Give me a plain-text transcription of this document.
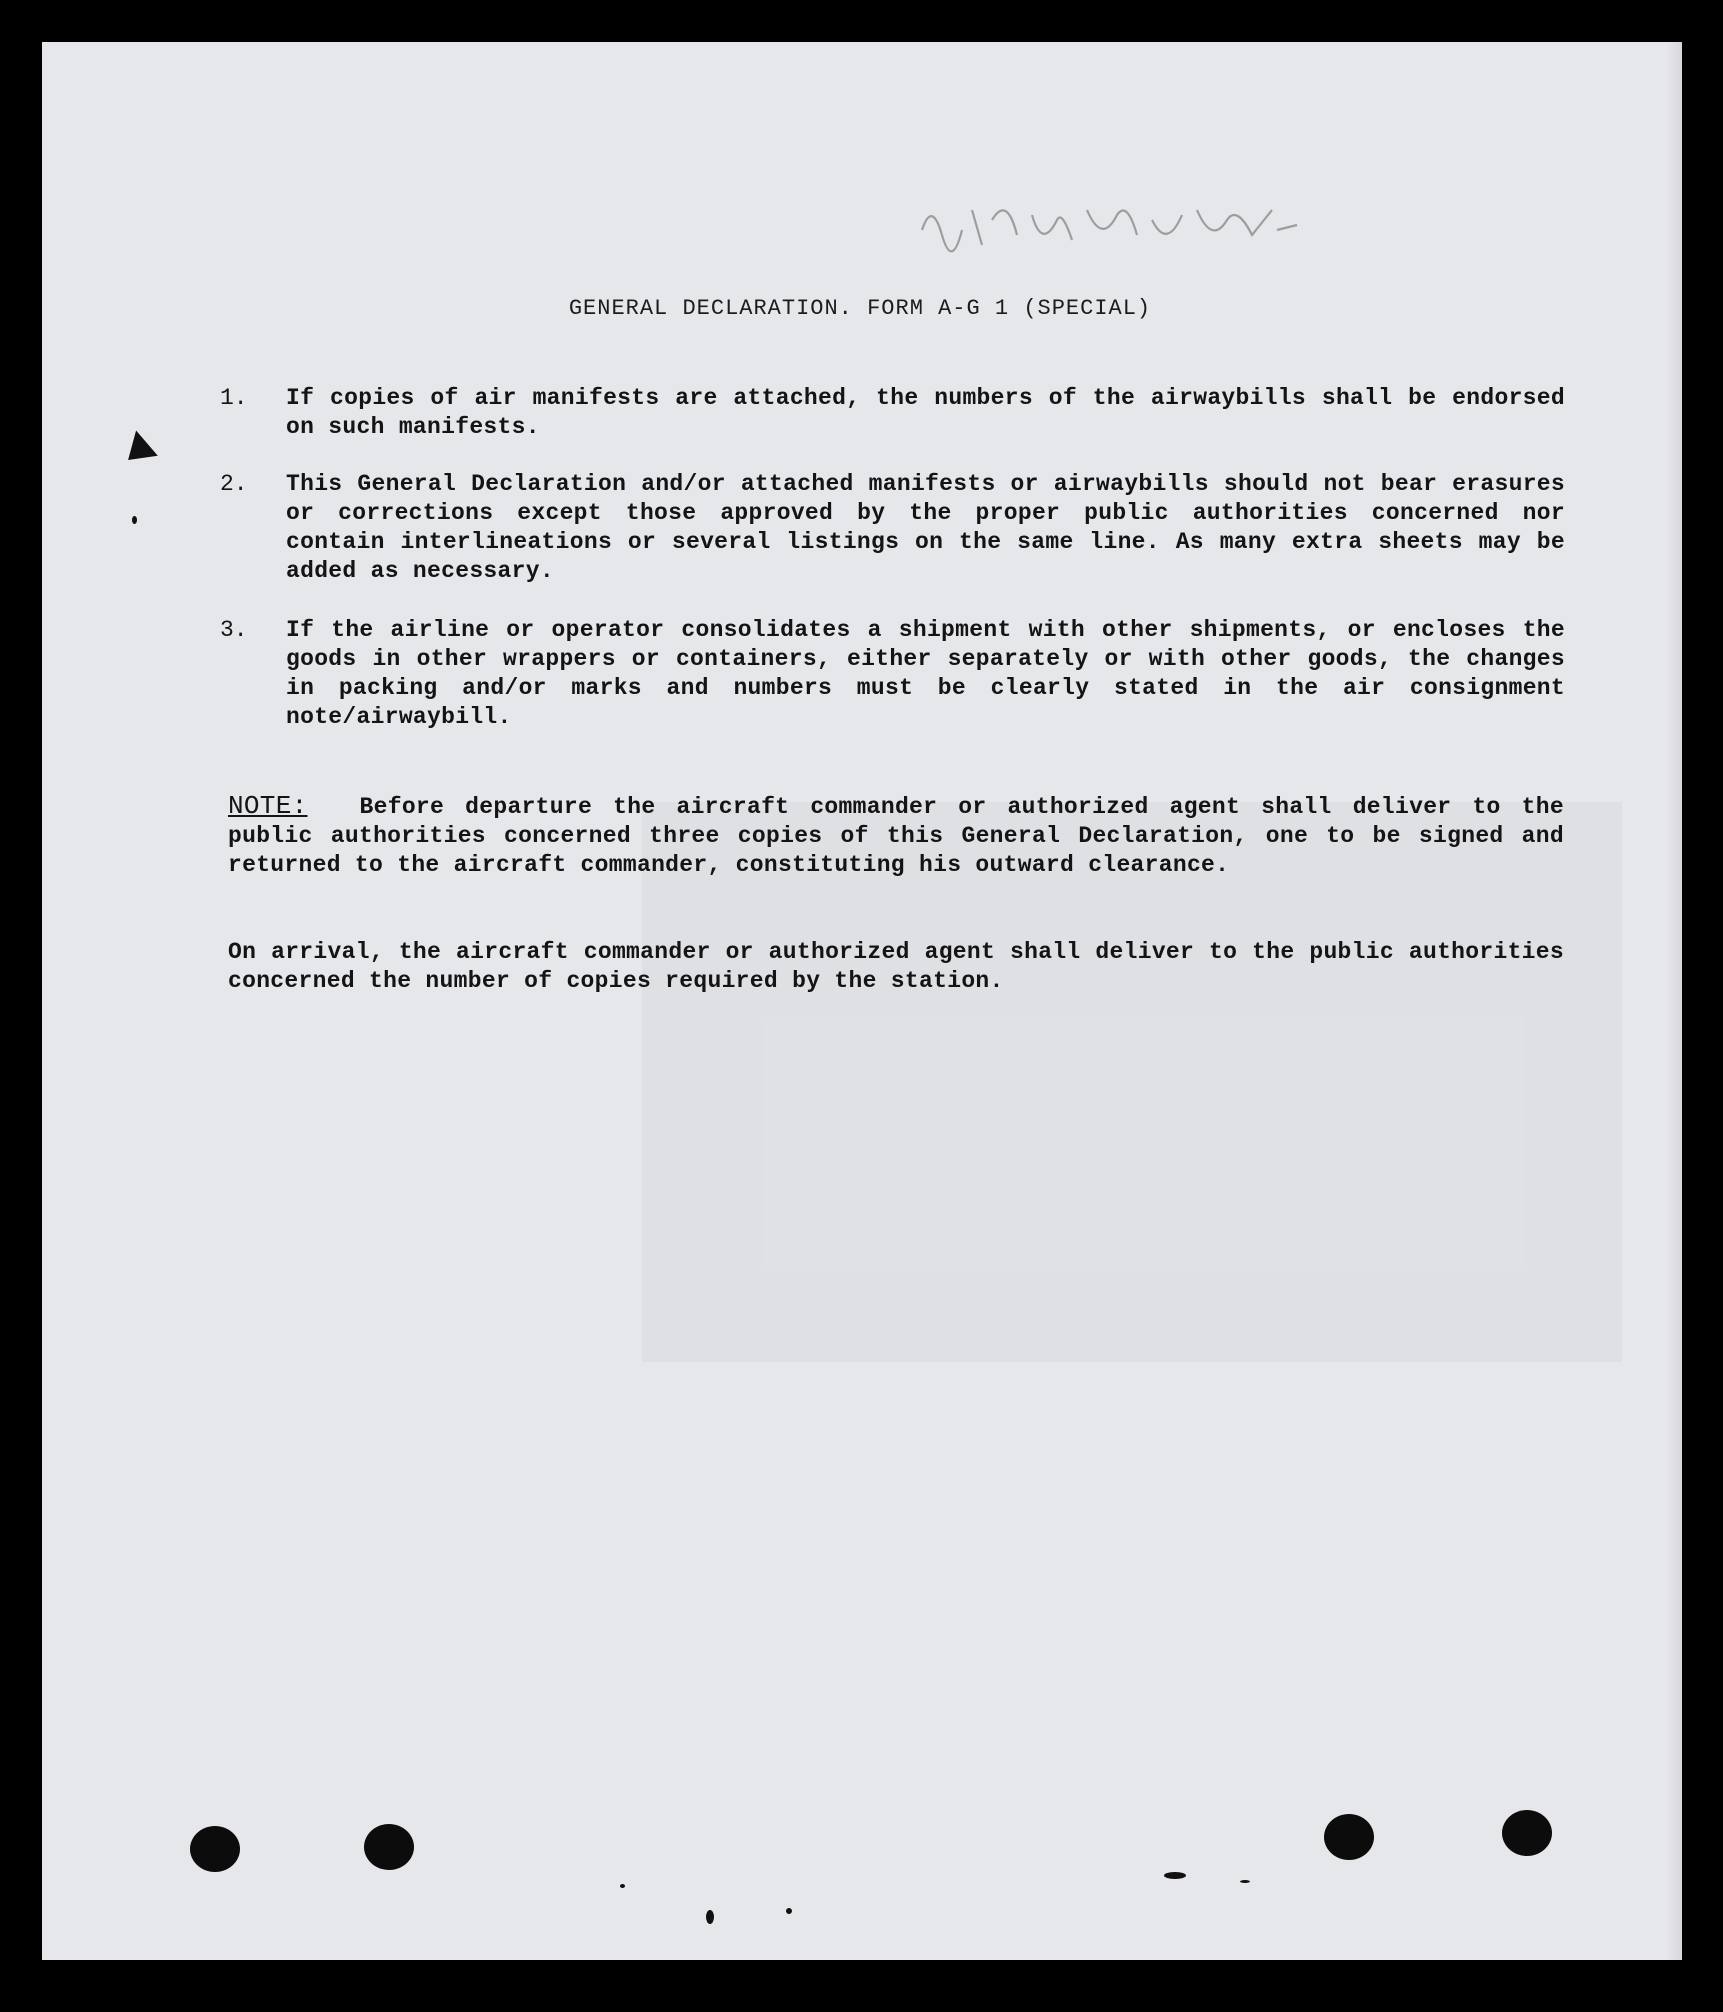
GENERAL DECLARATION. FORM A-G 1 (SPECIAL)
1.	If copies of air manifests are attached, the numbers of the airwaybills shall be endorsed on such manifests.
2.	This General Declaration and/or attached manifests or airwaybills should not bear erasures or corrections except those approved by the proper public authorities concerned nor contain interlineations or several listings on the same line. As many extra sheets may be added as necessary.
3.	If the airline or operator consolidates a shipment with other shipments, or encloses the goods in other wrappers or containers, either separately or with other goods, the changes in packing and/or marks and numbers must be clearly stated in the air consignment note/airwaybill.
NOTE: Before departure the aircraft commander or authorized agent shall deliver to the public authorities concerned three copies of this General Declaration, one to be signed and returned to the aircraft commander, constituting his outward clearance.
On arrival, the aircraft commander or authorized agent shall deliver to the public authorities concerned the number of copies required by the station.
